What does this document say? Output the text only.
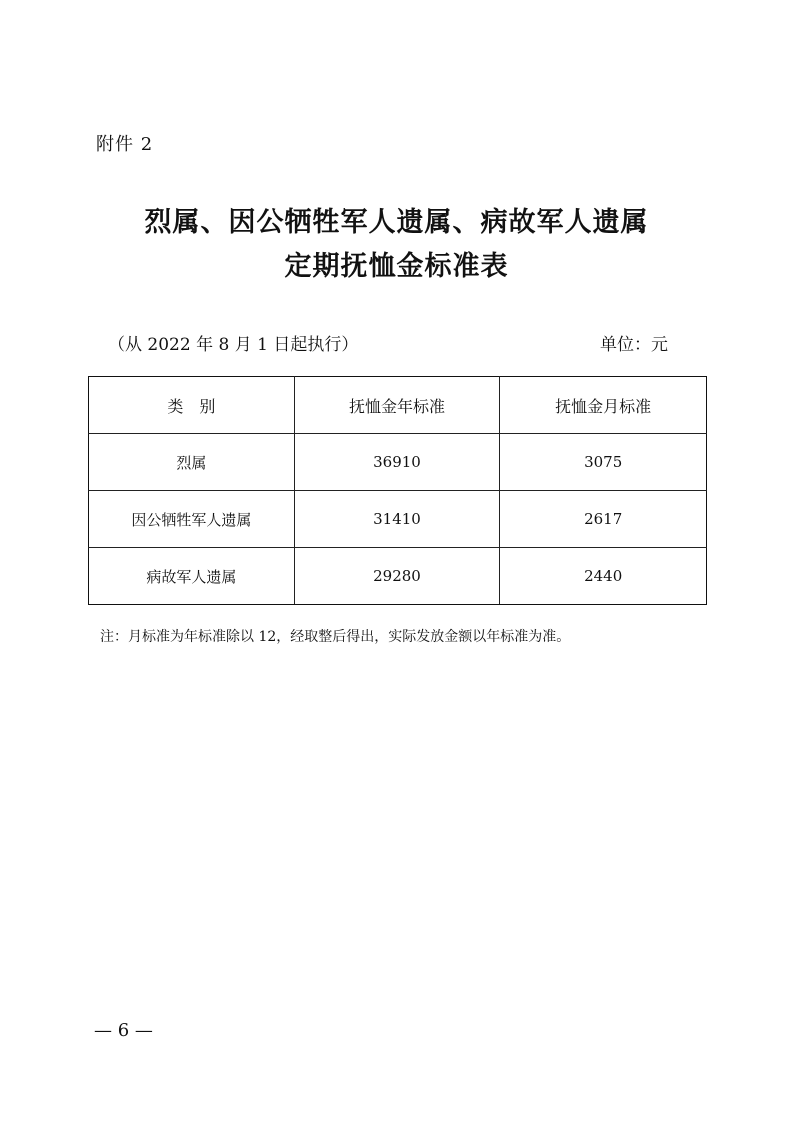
附件 2
烈属、因公牺牲军人遗属、病故军人遗属
定期抚恤金标准表
（从 2022 年 8 月 1 日起执行）	单位：元
类　别	抚恤金年标准	抚恤金月标准
烈属	36910	3075
因公牺牲军人遗属	31410	2617
病故军人遗属	29280	2440
注：月标准为年标准除以 12，经取整后得出，实际发放金额以年标准为准。
— 6 —
